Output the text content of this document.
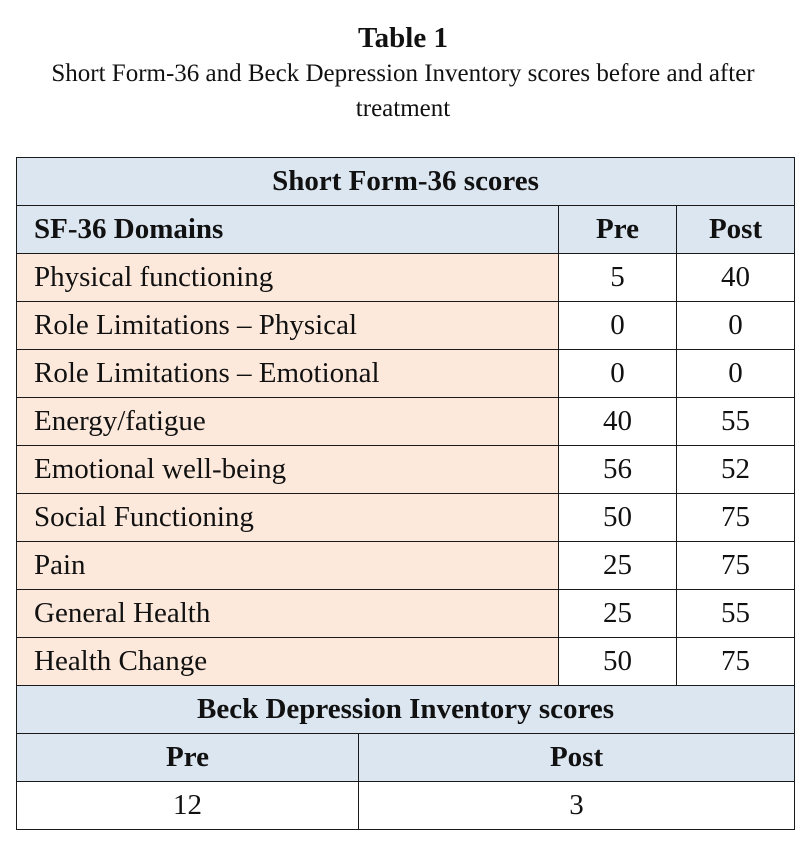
Table 1

Short Form-36 and Beck Depression Inventory scores before and after treatment

Short Form-36 scores			
SF-36 Domains		Pre	Post
Physical functioning		5	40
Role Limitations – Physical		0	0
Role Limitations – Emotional		0	0
Energy/fatigue		40	55
Emotional well-being		56	52
Social Functioning		50	75
Pain		25	75
General Health		25	55
Health Change		50	75
Beck Depression Inventory scores			
Pre	Post		
12	3		
